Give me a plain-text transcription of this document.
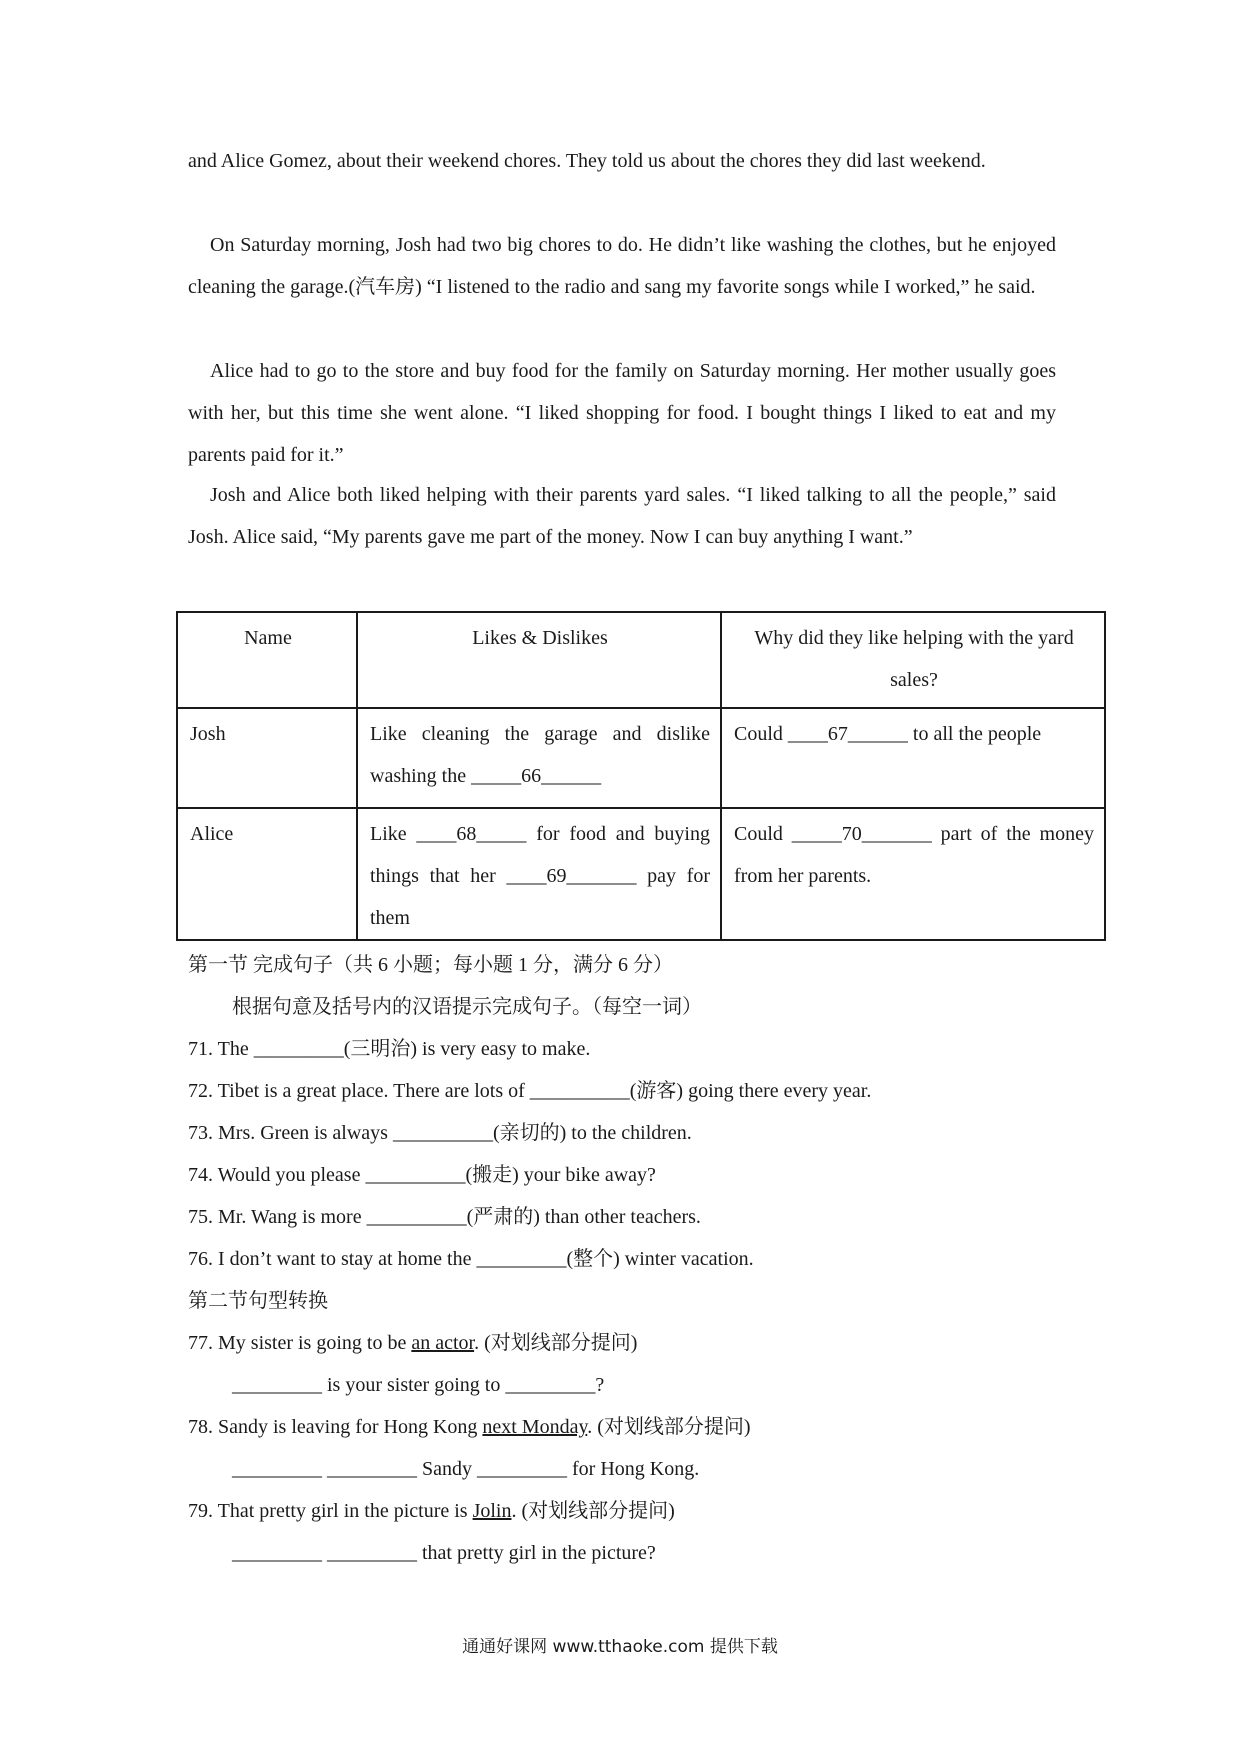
and Alice Gomez, about their weekend chores. They told us about the chores they did last weekend.

On Saturday morning, Josh had two big chores to do. He didn’t like washing the clothes, but he enjoyed cleaning the garage.(汽车房) “I listened to the radio and sang my favorite songs while I worked,” he said.

Alice had to go to the store and buy food for the family on Saturday morning. Her mother usually goes with her, but this time she went alone. “I liked shopping for food. I bought things I liked to eat and my parents paid for it.”

Josh and Alice both liked helping with their parents yard sales. “I liked talking to all the people,” said Josh. Alice said, “My parents gave me part of the money. Now I can buy anything I want.”

Name	Likes & Dislikes	Why did they like helping with the yard sales?
Josh	Like cleaning the garage and dislike washing the _____66______	Could ____67______ to all the people
Alice	Like ____68_____ for food and buying things that her ____69_______ pay for them	Could _____70_______ part of the money from her parents.

第一节 完成句子（共 6 小题；每小题 1 分，满分 6 分）

根据句意及括号内的汉语提示完成句子。（每空一词）

71. The _________(三明治) is very easy to make.

72. Tibet is a great place. There are lots of __________(游客) going there every year.

73. Mrs. Green is always __________(亲切的) to the children.

74. Would you please __________(搬走) your bike away?

75. Mr. Wang is more __________(严肃的) than other teachers.

76. I don’t want to stay at home the _________(整个) winter vacation.

第二节句型转换

77. My sister is going to be an actor. (对划线部分提问)

_________ is your sister going to _________?

78. Sandy is leaving for Hong Kong next Monday. (对划线部分提问)

_________ _________ Sandy _________ for Hong Kong.

79. That pretty girl in the picture is Jolin. (对划线部分提问)

_________ _________ that pretty girl in the picture?

通通好课网 www.tthaoke.com 提供下载
